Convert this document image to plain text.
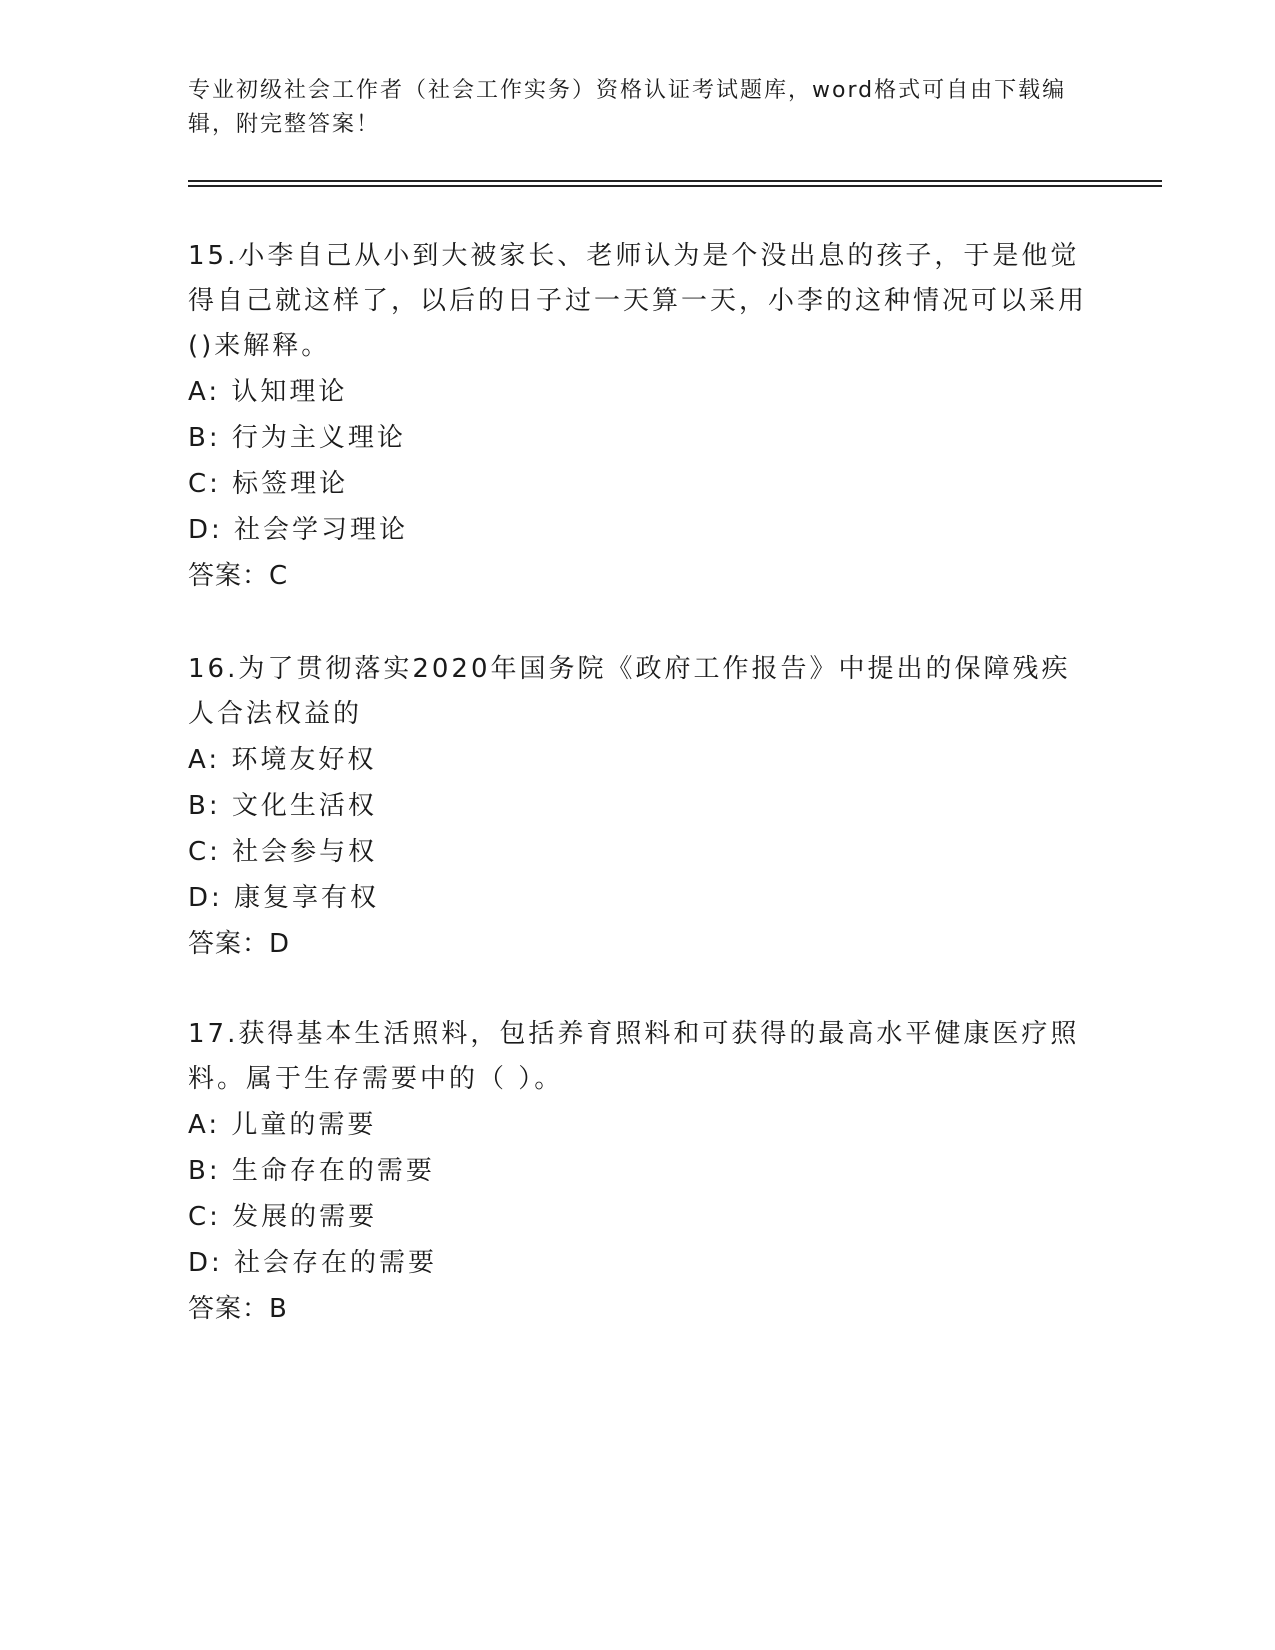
专业初级社会工作者（社会工作实务）资格认证考试题库，word格式可自由下载编辑，附完整答案！

15.小李自己从小到大被家长、老师认为是个没出息的孩子，于是他觉得自己就这样了，以后的日子过一天算一天，小李的这种情况可以采用()来解释。

A: 认知理论
B: 行为主义理论
C: 标签理论
D: 社会学习理论
答案：C

16.为了贯彻落实2020年国务院《政府工作报告》中提出的保障残疾人合法权益的

A: 环境友好权
B: 文化生活权
C: 社会参与权
D: 康复享有权
答案：D

17.获得基本生活照料，包括养育照料和可获得的最高水平健康医疗照料。属于生存需要中的（ ）。

A: 儿童的需要
B: 生命存在的需要
C: 发展的需要
D: 社会存在的需要
答案：B
